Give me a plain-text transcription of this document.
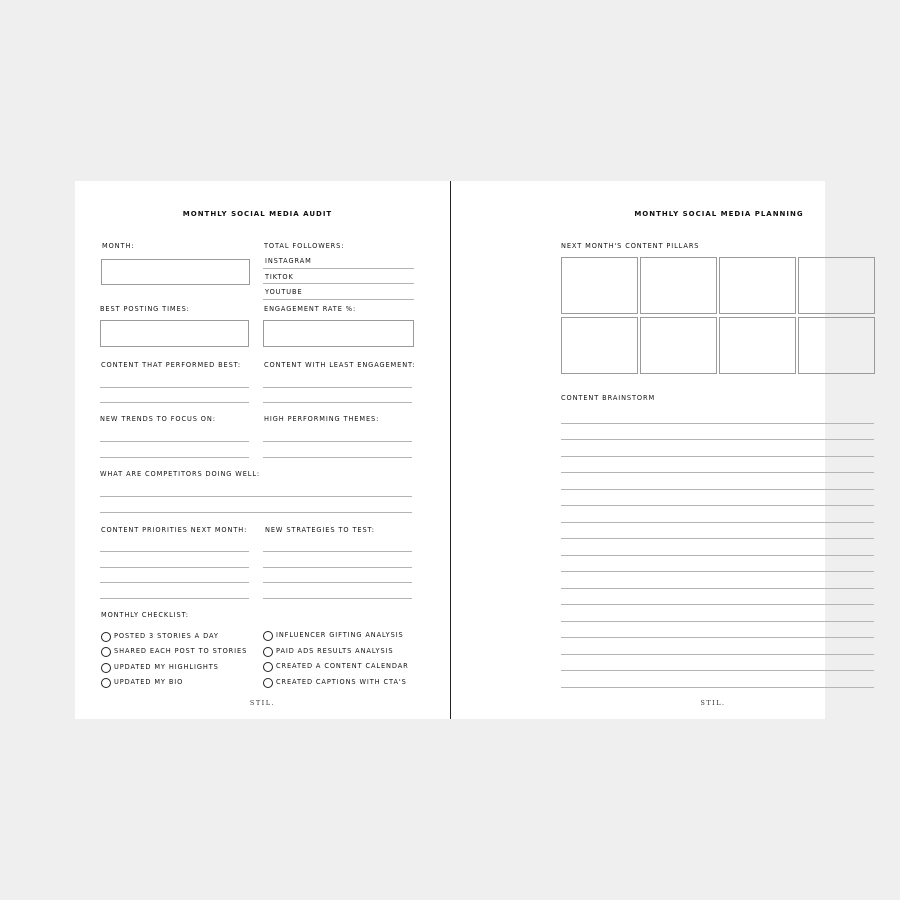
MONTHLY SOCIAL MEDIA AUDIT
MONTH:	TOTAL FOLLOWERS:
INSTAGRAM
TIKTOK
YOUTUBE
BEST POSTING TIMES:	ENGAGEMENT RATE %:
CONTENT THAT PERFORMED BEST:	CONTENT WITH LEAST ENGAGEMENT:
NEW TRENDS TO FOCUS ON:	HIGH PERFORMING THEMES:
WHAT ARE COMPETITORS DOING WELL:
CONTENT PRIORITIES NEXT MONTH:	NEW STRATEGIES TO TEST:
MONTHLY CHECKLIST:
POSTED 3 STORIES A DAY
SHARED EACH POST TO STORIES
UPDATED MY HIGHLIGHTS
UPDATED MY BIO
INFLUENCER GIFTING ANALYSIS
PAID ADS RESULTS ANALYSIS
CREATED A CONTENT CALENDAR
CREATED CAPTIONS WITH CTA'S
STIL.
NEXT MONTH'S CONTENT PILLARS
CONTENT BRAINSTORM
STIL.
MONTHLY SOCIAL MEDIA PLANNING
